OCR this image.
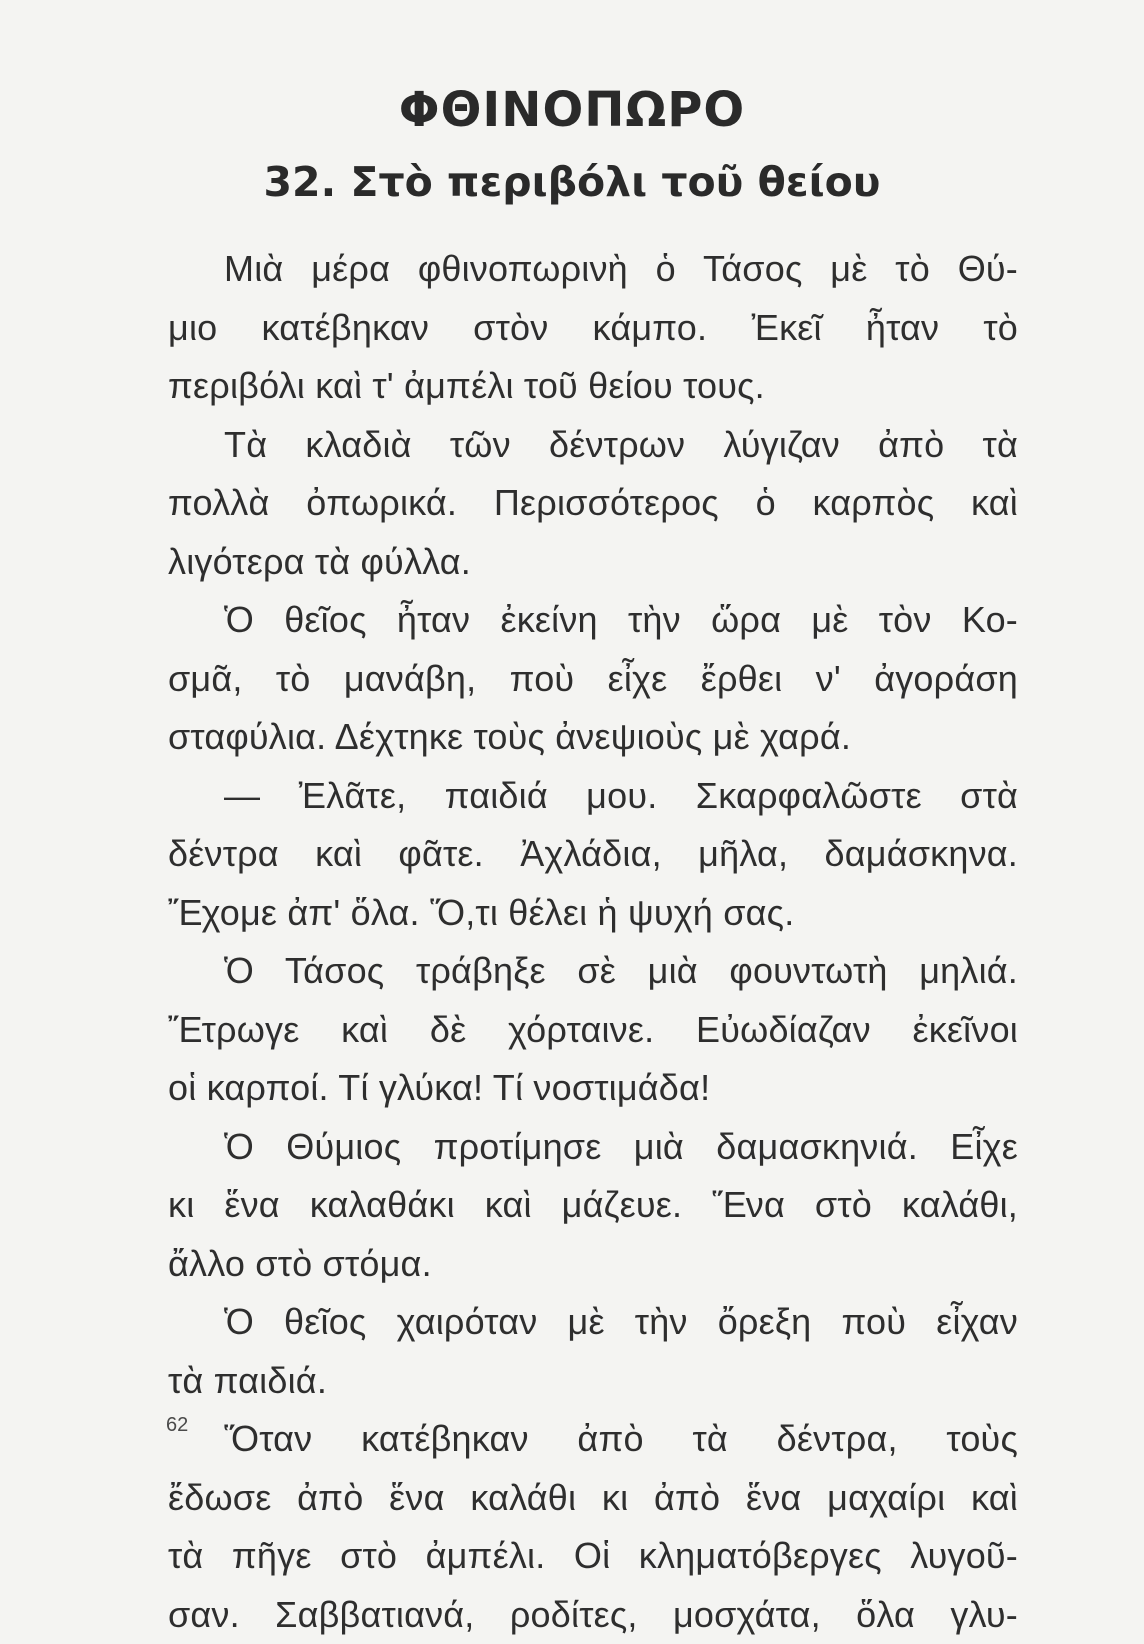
ΦΘΙΝΟΠΩΡΟ
32. Στὸ περιβόλι τοῦ θείου
Μιὰ μέρα φθινοπωρινὴ ὁ Τάσος μὲ τὸ Θύ-
μιο κατέβηκαν στὸν κάμπο. Ἐκεῖ ἦταν τὸ
περιβόλι καὶ τ' ἀμπέλι τοῦ θείου τους.
Τὰ κλαδιὰ τῶν δέντρων λύγιζαν ἀπὸ τὰ
πολλὰ ὀπωρικά. Περισσότερος ὁ καρπὸς καὶ
λιγότερα τὰ φύλλα.
Ὁ θεῖος ἦταν ἐκείνη τὴν ὥρα μὲ τὸν Κο-
σμᾶ, τὸ μανάβη, ποὺ εἶχε ἔρθει ν' ἀγοράση
σταφύλια. Δέχτηκε τοὺς ἀνεψιοὺς μὲ χαρά.
— Ἐλᾶτε, παιδιά μου. Σκαρφαλῶστε στὰ
δέντρα καὶ φᾶτε. Ἀχλάδια, μῆλα, δαμάσκηνα.
Ἔχομε ἀπ' ὅλα. Ὅ,τι θέλει ἡ ψυχή σας.
Ὁ Τάσος τράβηξε σὲ μιὰ φουντωτὴ μηλιά.
Ἔτρωγε καὶ δὲ χόρταινε. Εὐωδίαζαν ἐκεῖνοι
οἱ καρποί. Τί γλύκα! Τί νοστιμάδα!
Ὁ Θύμιος προτίμησε μιὰ δαμασκηνιά. Εἶχε
κι ἕνα καλαθάκι καὶ μάζευε. Ἕνα στὸ καλάθι,
ἄλλο στὸ στόμα.
Ὁ θεῖος χαιρόταν μὲ τὴν ὄρεξη ποὺ εἶχαν
τὰ παιδιά.
Ὅταν κατέβηκαν ἀπὸ τὰ δέντρα, τοὺς
ἔδωσε ἀπὸ ἕνα καλάθι κι ἀπὸ ἕνα μαχαίρι καὶ
τὰ πῆγε στὸ ἀμπέλι. Οἱ κληματόβεργες λυγοῦ-
σαν. Σαββατιανά, ροδίτες, μοσχάτα, ὅλα γλυ-
62
